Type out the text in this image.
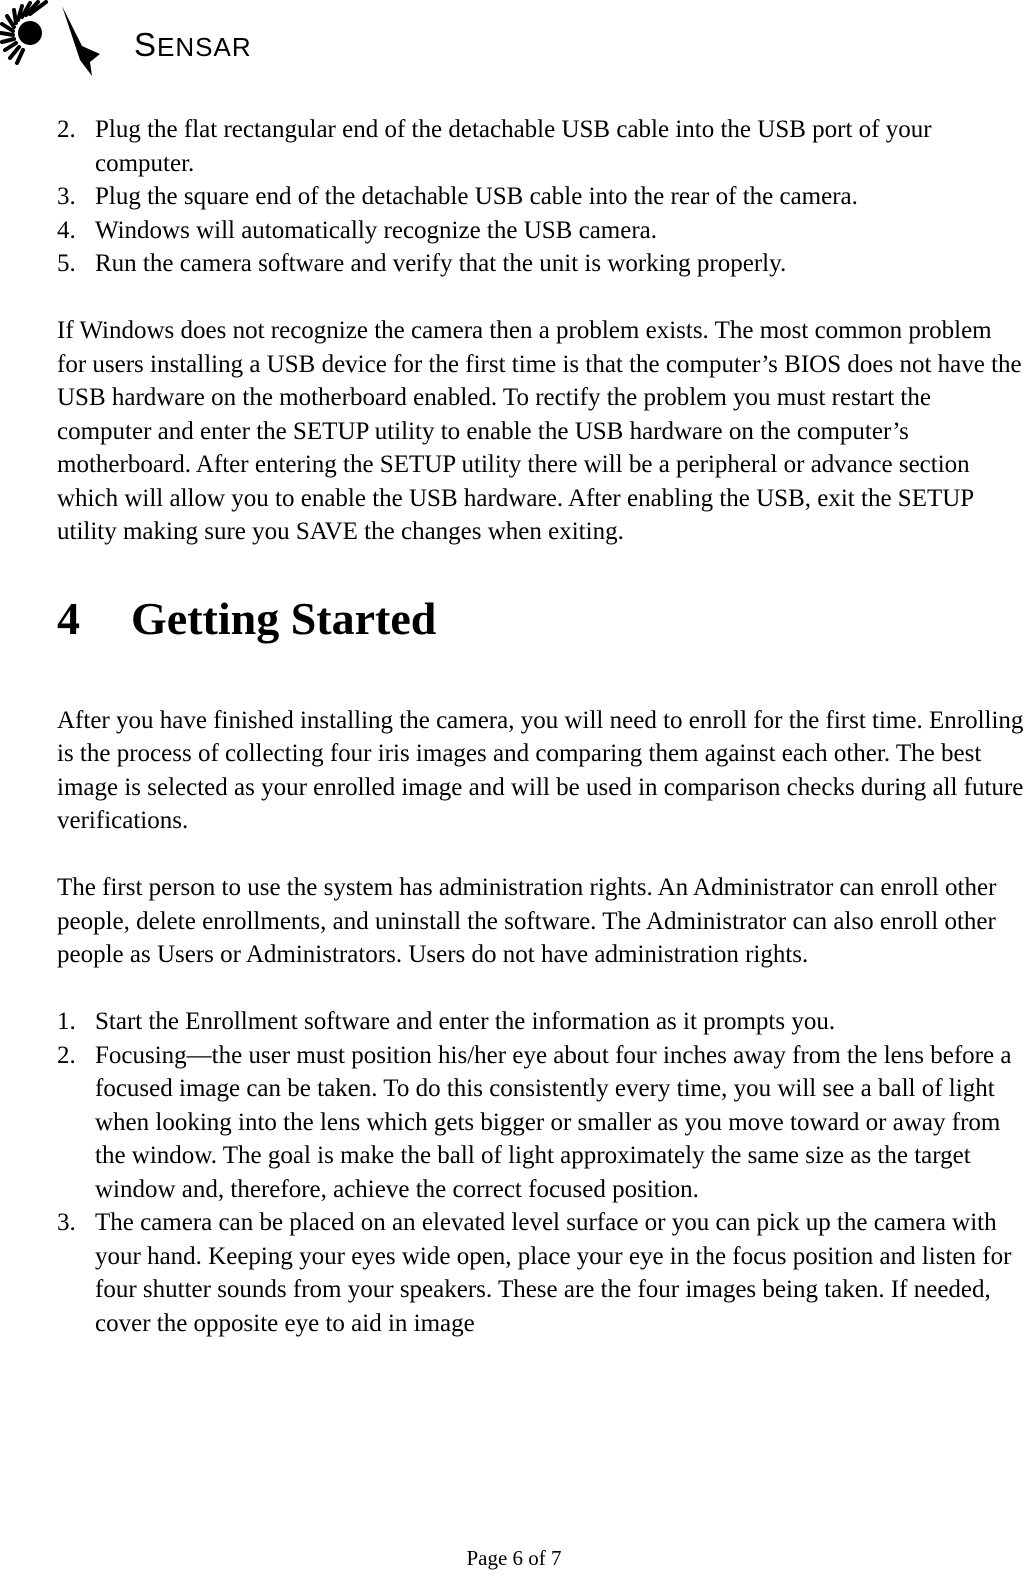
SENSAR
2. Plug the flat rectangular end of the detachable USB cable into the USB port of your computer.
3. Plug the square end of the detachable USB cable into the rear of the camera.
4. Windows will automatically recognize the USB camera.
5. Run the camera software and verify that the unit is working properly.

If Windows does not recognize the camera then a problem exists. The most common problem for users installing a USB device for the first time is that the computer’s BIOS does not have the USB hardware on the motherboard enabled. To rectify the problem you must restart the computer and enter the SETUP utility to enable the USB hardware on the computer’s motherboard. After entering the SETUP utility there will be a peripheral or advance section which will allow you to enable the USB hardware. After enabling the USB, exit the SETUP utility making sure you SAVE the changes when exiting.

4	Getting Started

After you have finished installing the camera, you will need to enroll for the first time. Enrolling is the process of collecting four iris images and comparing them against each other. The best image is selected as your enrolled image and will be used in comparison checks during all future verifications.

The first person to use the system has administration rights. An Administrator can enroll other people, delete enrollments, and uninstall the software. The Administrator can also enroll other people as Users or Administrators. Users do not have administration rights.

1. Start the Enrollment software and enter the information as it prompts you.
2. Focusing—the user must position his/her eye about four inches away from the lens before a focused image can be taken. To do this consistently every time, you will see a ball of light when looking into the lens which gets bigger or smaller as you move toward or away from the window. The goal is make the ball of light approximately the same size as the target window and, therefore, achieve the correct focused position.
3. The camera can be placed on an elevated level surface or you can pick up the camera with your hand. Keeping your eyes wide open, place your eye in the focus position and listen for four shutter sounds from your speakers. These are the four images being taken. If needed, cover the opposite eye to aid in image
Page 6 of 7
